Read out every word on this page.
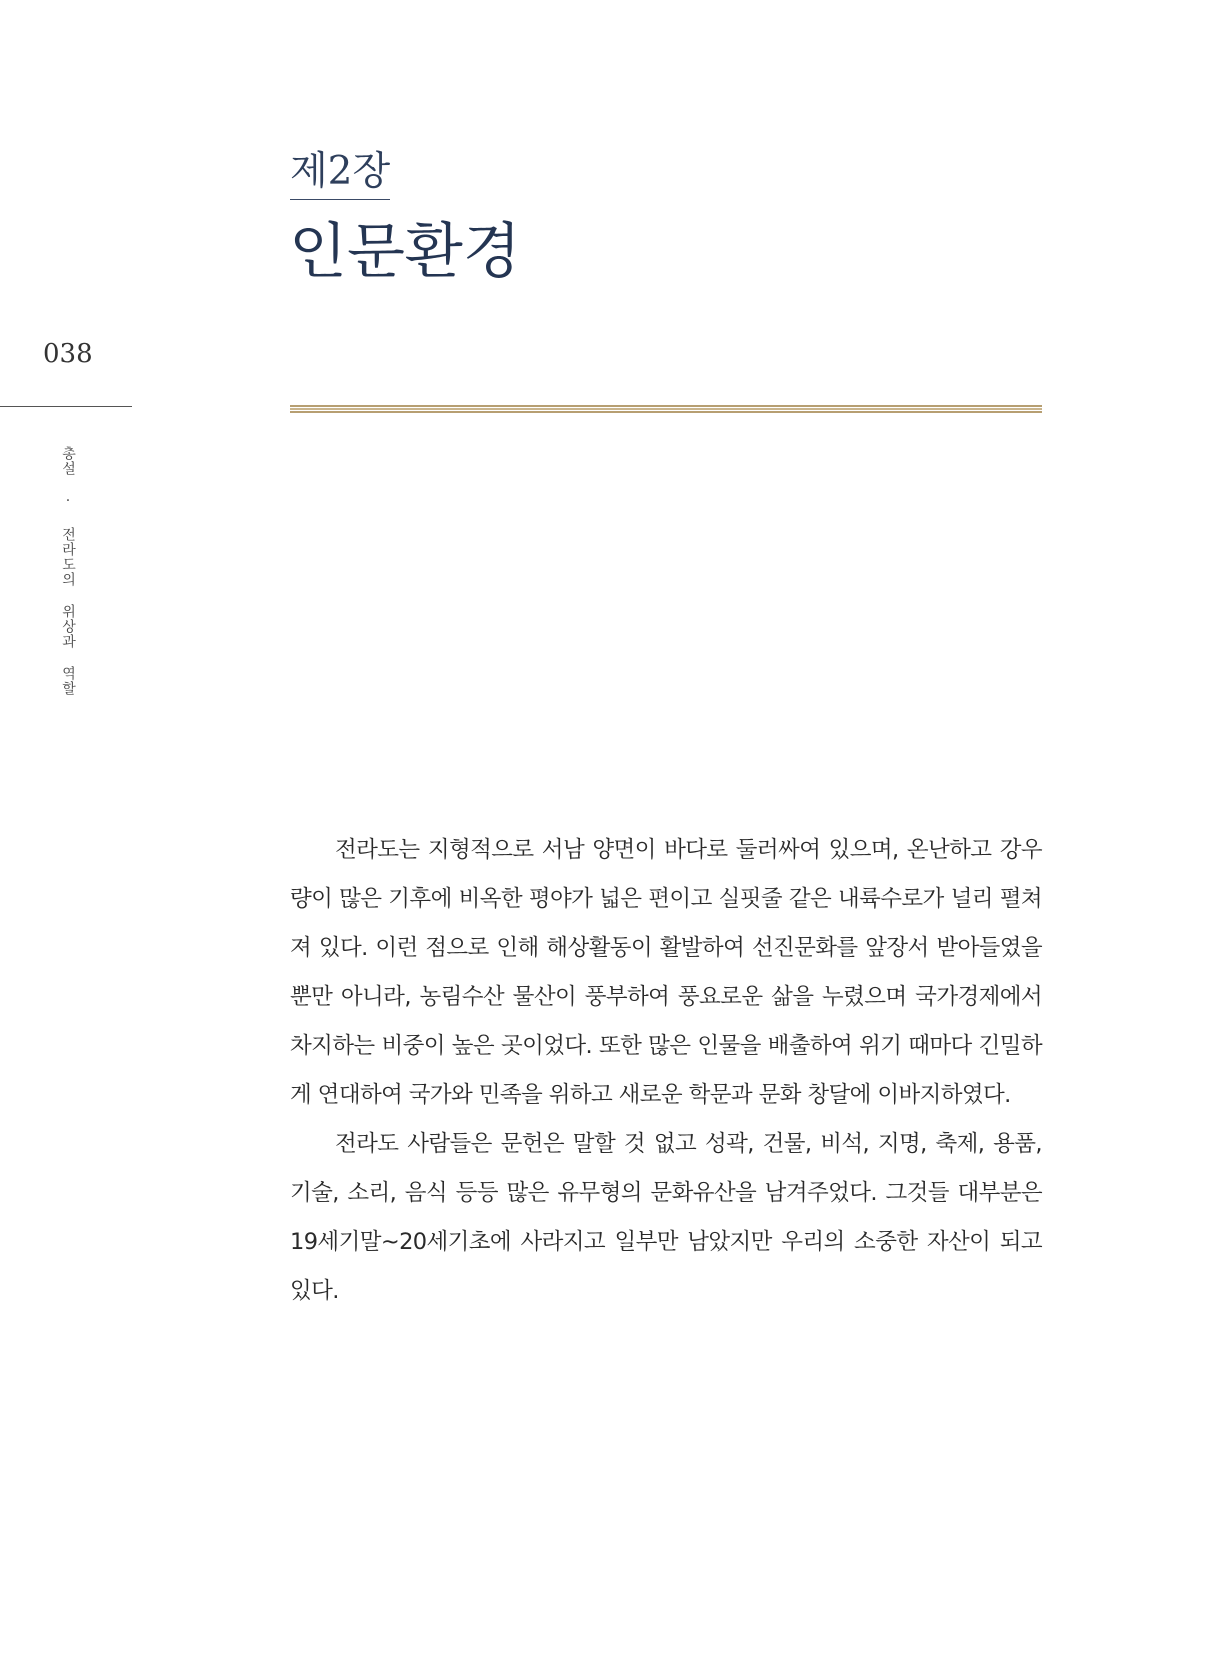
제2장
인문환경
038
총설 · 전라도의 위상과 역할

전라도는 지형적으로 서남 양면이 바다로 둘러싸여 있으며, 온난하고 강우량이 많은 기후에 비옥한 평야가 넓은 편이고 실핏줄 같은 내륙수로가 널리 펼쳐져 있다. 이런 점으로 인해 해상활동이 활발하여 선진문화를 앞장서 받아들였을 뿐만 아니라, 농림수산 물산이 풍부하여 풍요로운 삶을 누렸으며 국가경제에서 차지하는 비중이 높은 곳이었다. 또한 많은 인물을 배출하여 위기 때마다 긴밀하게 연대하여 국가와 민족을 위하고 새로운 학문과 문화 창달에 이바지하였다.

전라도 사람들은 문헌은 말할 것 없고 성곽, 건물, 비석, 지명, 축제, 용품, 기술, 소리, 음식 등등 많은 유무형의 문화유산을 남겨주었다. 그것들 대부분은 19세기말~20세기초에 사라지고 일부만 남았지만 우리의 소중한 자산이 되고 있다.
